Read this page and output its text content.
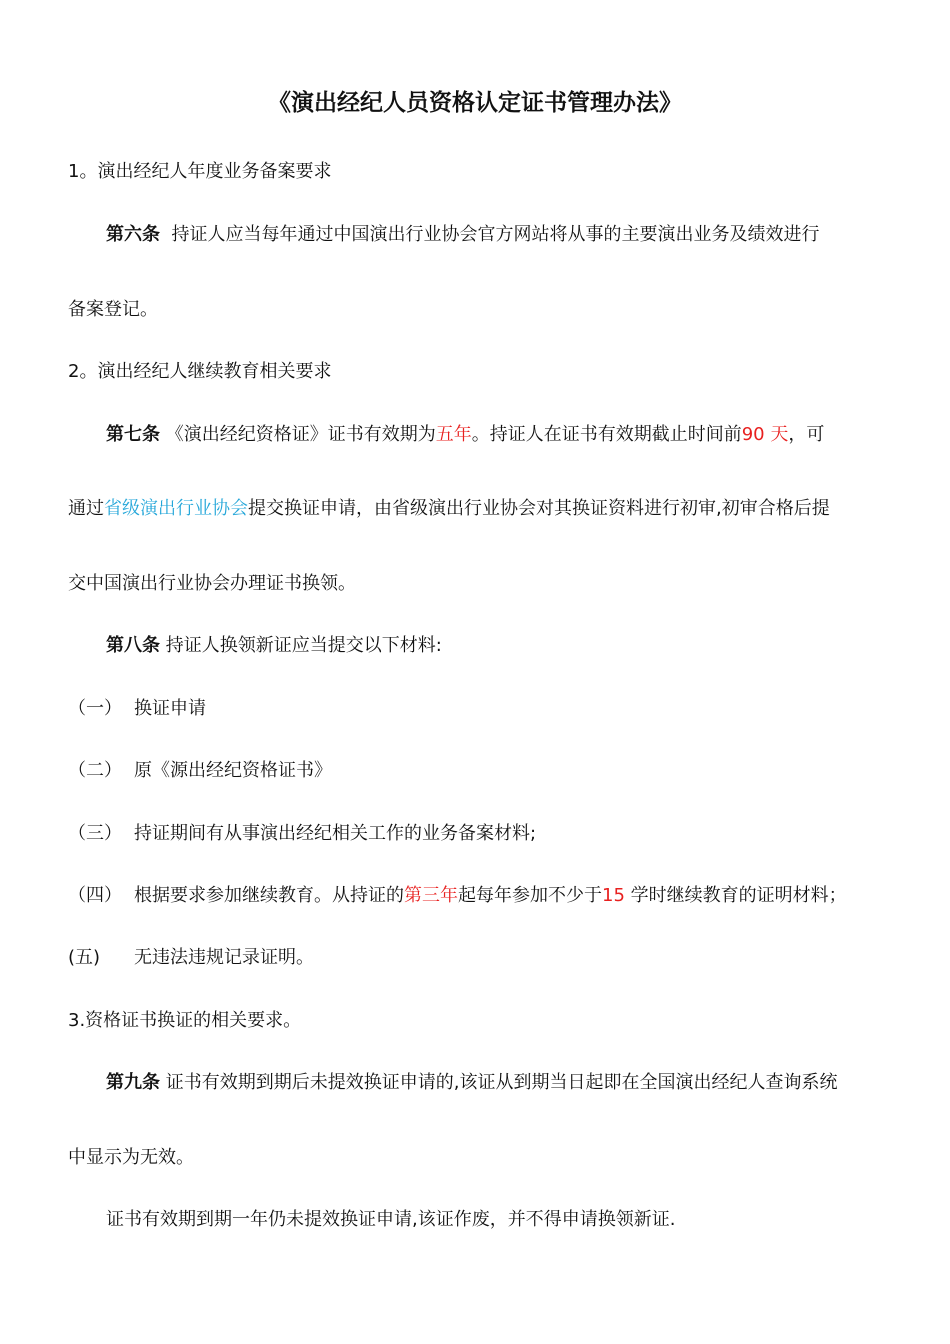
《演出经纪人员资格认定证书管理办法》
1。演出经纪人年度业务备案要求
第六条 持证人应当每年通过中国演出行业协会官方网站将从事的主要演出业务及绩效进行
备案登记。
2。演出经纪人继续教育相关要求
第七条 《演出经纪资格证》证书有效期为五年。持证人在证书有效期截止时间前90 天，可
通过省级演出行业协会提交换证申请，由省级演出行业协会对其换证资料进行初审,初审合格后提
交中国演出行业协会办理证书换领。
第八条 持证人换领新证应当提交以下材料:
（一） 换证申请
（二） 原《源出经纪资格证书》
（三） 持证期间有从事演出经纪相关工作的业务备案材料;
（四） 根据要求参加继续教育。从持证的第三年起每年参加不少于15 学时继续教育的证明材料；
(五) 无违法违规记录证明。
3.资格证书换证的相关要求。
第九条 证书有效期到期后未提效换证申请的,该证从到期当日起即在全国演出经纪人查询系统
中显示为无效。
证书有效期到期一年仍未提效换证申请,该证作废，并不得申请换领新证.
